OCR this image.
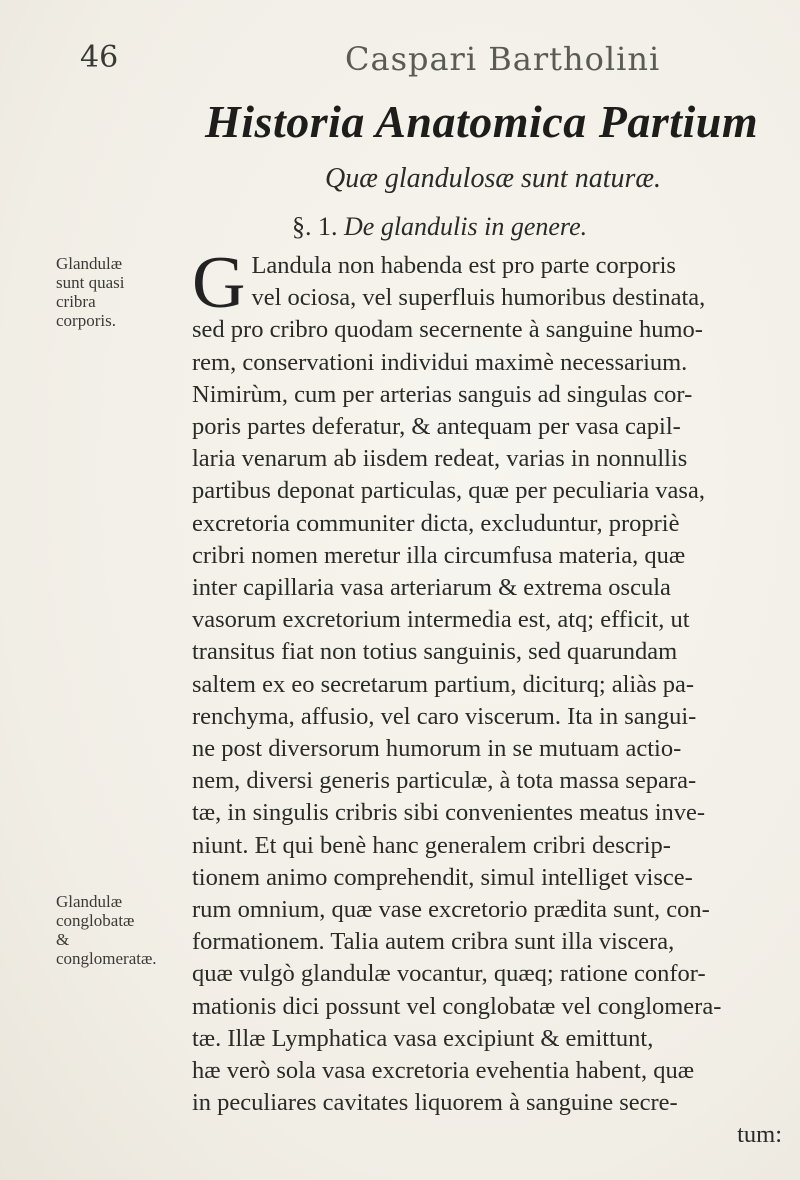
46	Caspari Bartholini
Historia Anatomica Partium
Quæ glandulosæ sunt naturæ.
§. 1. De glandulis in genere.
Glandulæ sunt quasi cribra corporis.
Glandulæ conglobatæ & conglomeratæ.
G Landula non habenda est pro parte corporis
vel ociosa, vel superfluis humoribus destinata,
sed pro cribro quodam secernente à sanguine humo-
rem, conservationi individui maximè necessarium.
Nimirùm, cum per arterias sanguis ad singulas cor-
poris partes deferatur, & antequam per vasa capil-
laria venarum ab iisdem redeat, varias in nonnullis
partibus deponat particulas, quæ per peculiaria vasa,
excretoria communiter dicta, excluduntur, propriè
cribri nomen meretur illa circumfusa materia, quæ
inter capillaria vasa arteriarum & extrema oscula
vasorum excretorium intermedia est, atq; efficit, ut
transitus fiat non totius sanguinis, sed quarundam
saltem ex eo secretarum partium, diciturq; aliàs pa-
renchyma, affusio, vel caro viscerum. Ita in sangui-
ne post diversorum humorum in se mutuam actio-
nem, diversi generis particulæ, à tota massa separa-
tæ, in singulis cribris sibi convenientes meatus inve-
niunt. Et qui benè hanc generalem cribri descrip-
tionem animo comprehendit, simul intelliget visce-
rum omnium, quæ vase excretorio prædita sunt, con-
formationem. Talia autem cribra sunt illa viscera,
quæ vulgò glandulæ vocantur, quæq; ratione confor-
mationis dici possunt vel conglobatæ vel conglomera-
tæ. Illæ Lymphatica vasa excipiunt & emittunt,
hæ verò sola vasa excretoria evehentia habent, quæ
in peculiares cavitates liquorem à sanguine secre-
tum:
